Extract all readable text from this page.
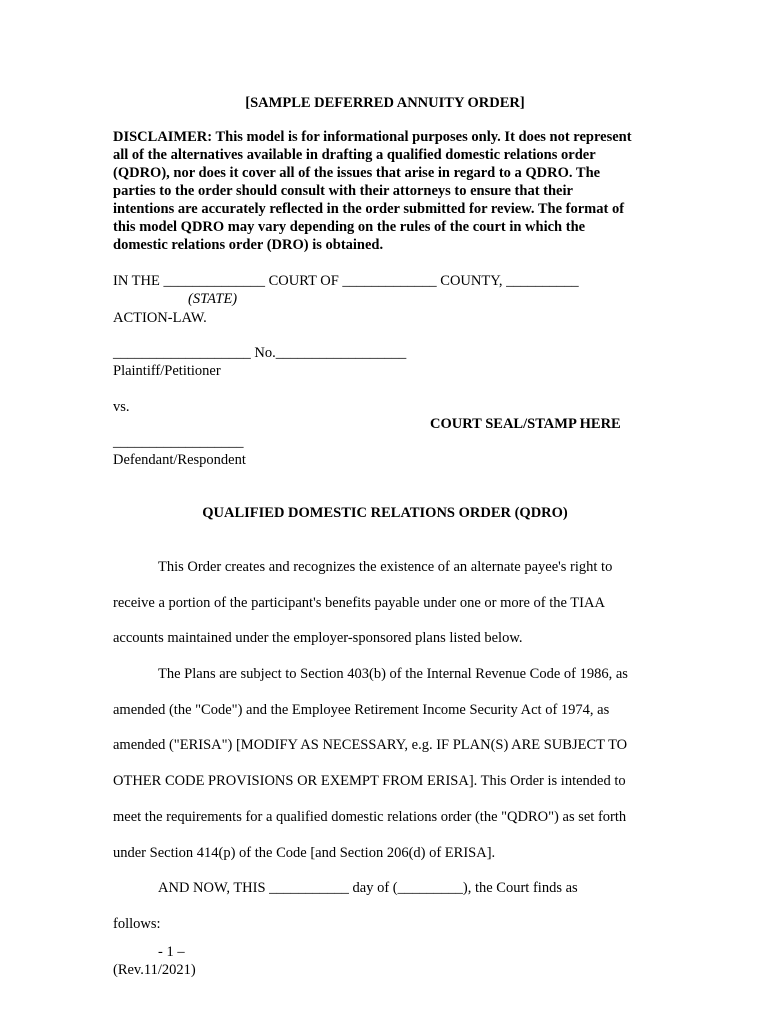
[SAMPLE DEFERRED ANNUITY ORDER]
DISCLAIMER: This model is for informational purposes only. It does not represent
all of the alternatives available in drafting a qualified domestic relations order
(QDRO), nor does it cover all of the issues that arise in regard to a QDRO. The
parties to the order should consult with their attorneys to ensure that their
intentions are accurately reflected in the order submitted for review. The format of
this model QDRO may vary depending on the rules of the court in which the
domestic relations order (DRO) is obtained.
IN THE ______________ COURT OF _____________ COUNTY, __________
(STATE)
ACTION-LAW.
___________________ No.__________________
Plaintiff/Petitioner
vs.
COURT SEAL/STAMP HERE
__________________
Defendant/Respondent
QUALIFIED DOMESTIC RELATIONS ORDER (QDRO)
This Order creates and recognizes the existence of an alternate payee's right to
receive a portion of the participant's benefits payable under one or more of the TIAA
accounts maintained under the employer-sponsored plans listed below.
The Plans are subject to Section 403(b) of the Internal Revenue Code of 1986, as
amended (the "Code") and the Employee Retirement Income Security Act of 1974, as
amended ("ERISA") [MODIFY AS NECESSARY, e.g. IF PLAN(S) ARE SUBJECT TO
OTHER CODE PROVISIONS OR EXEMPT FROM ERISA]. This Order is intended to
meet the requirements for a qualified domestic relations order (the "QDRO") as set forth
under Section 414(p) of the Code [and Section 206(d) of ERISA].
AND NOW, THIS ___________ day of (_________), the Court finds as
follows:
- 1 –
(Rev.11/2021)
